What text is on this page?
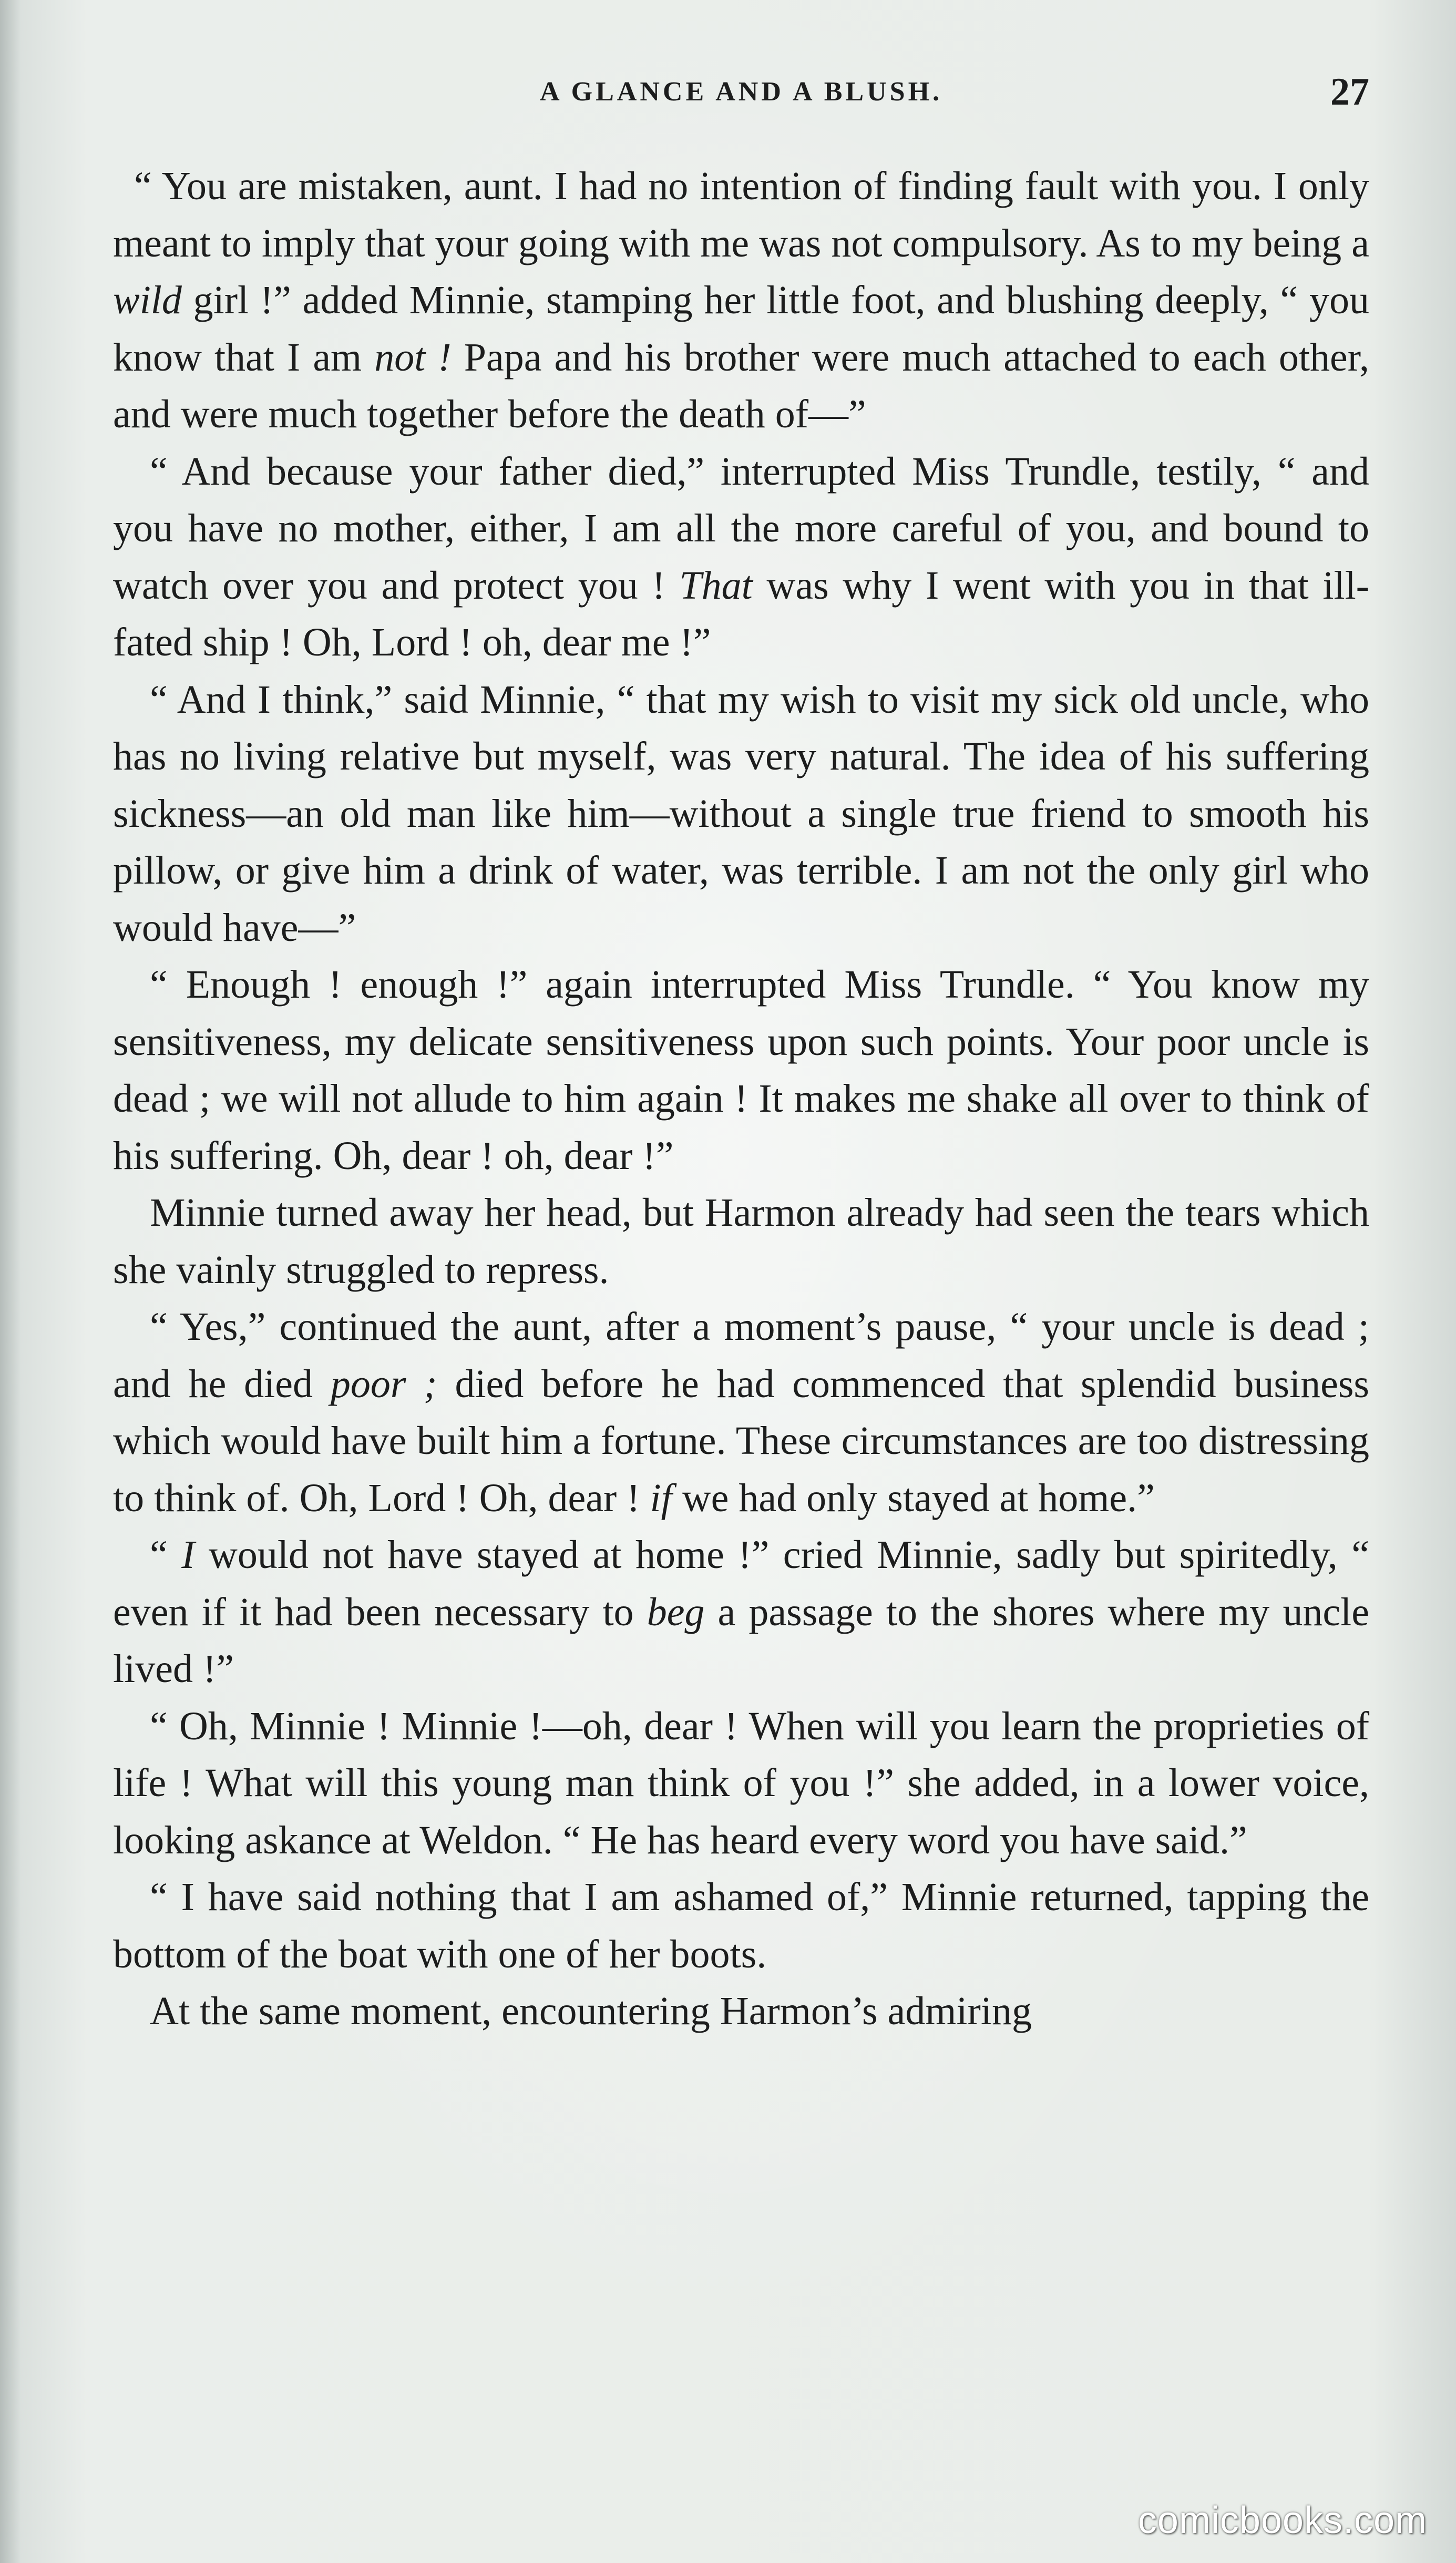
A GLANCE AND A BLUSH.	27

“ You are mistaken, aunt. I had no intention of finding fault with you. I only meant to imply that your going with me was not compulsory. As to my being a wild girl !” added Minnie, stamping her little foot, and blushing deeply, “ you know that I am not ! Papa and his brother were much attached to each other, and were much together before the death of—”

“ And because your father died,” interrupted Miss Trundle, testily, “ and you have no mother, either, I am all the more careful of you, and bound to watch over you and protect you ! That was why I went with you in that ill-fated ship ! Oh, Lord ! oh, dear me !”

“ And I think,” said Minnie, “ that my wish to visit my sick old uncle, who has no living relative but myself, was very natural. The idea of his suffering sickness—an old man like him—without a single true friend to smooth his pillow, or give him a drink of water, was terrible. I am not the only girl who would have—”

“ Enough ! enough !” again interrupted Miss Trundle. “ You know my sensitiveness, my delicate sensitiveness upon such points. Your poor uncle is dead ; we will not allude to him again ! It makes me shake all over to think of his suffering. Oh, dear ! oh, dear !”

Minnie turned away her head, but Harmon already had seen the tears which she vainly struggled to repress.

“ Yes,” continued the aunt, after a moment’s pause, “ your uncle is dead ; and he died poor ; died before he had commenced that splendid business which would have built him a fortune. These circumstances are too distressing to think of. Oh, Lord ! Oh, dear ! if we had only stayed at home.”

“ I would not have stayed at home !” cried Minnie, sadly but spiritedly, “ even if it had been necessary to beg a passage to the shores where my uncle lived !”

“ Oh, Minnie ! Minnie !—oh, dear ! When will you learn the proprieties of life ! What will this young man think of you !” she added, in a lower voice, looking askance at Weldon. “ He has heard every word you have said.”

“ I have said nothing that I am ashamed of,” Minnie returned, tapping the bottom of the boat with one of her boots.

At the same moment, encountering Harmon’s admiring

comicbooks.com
